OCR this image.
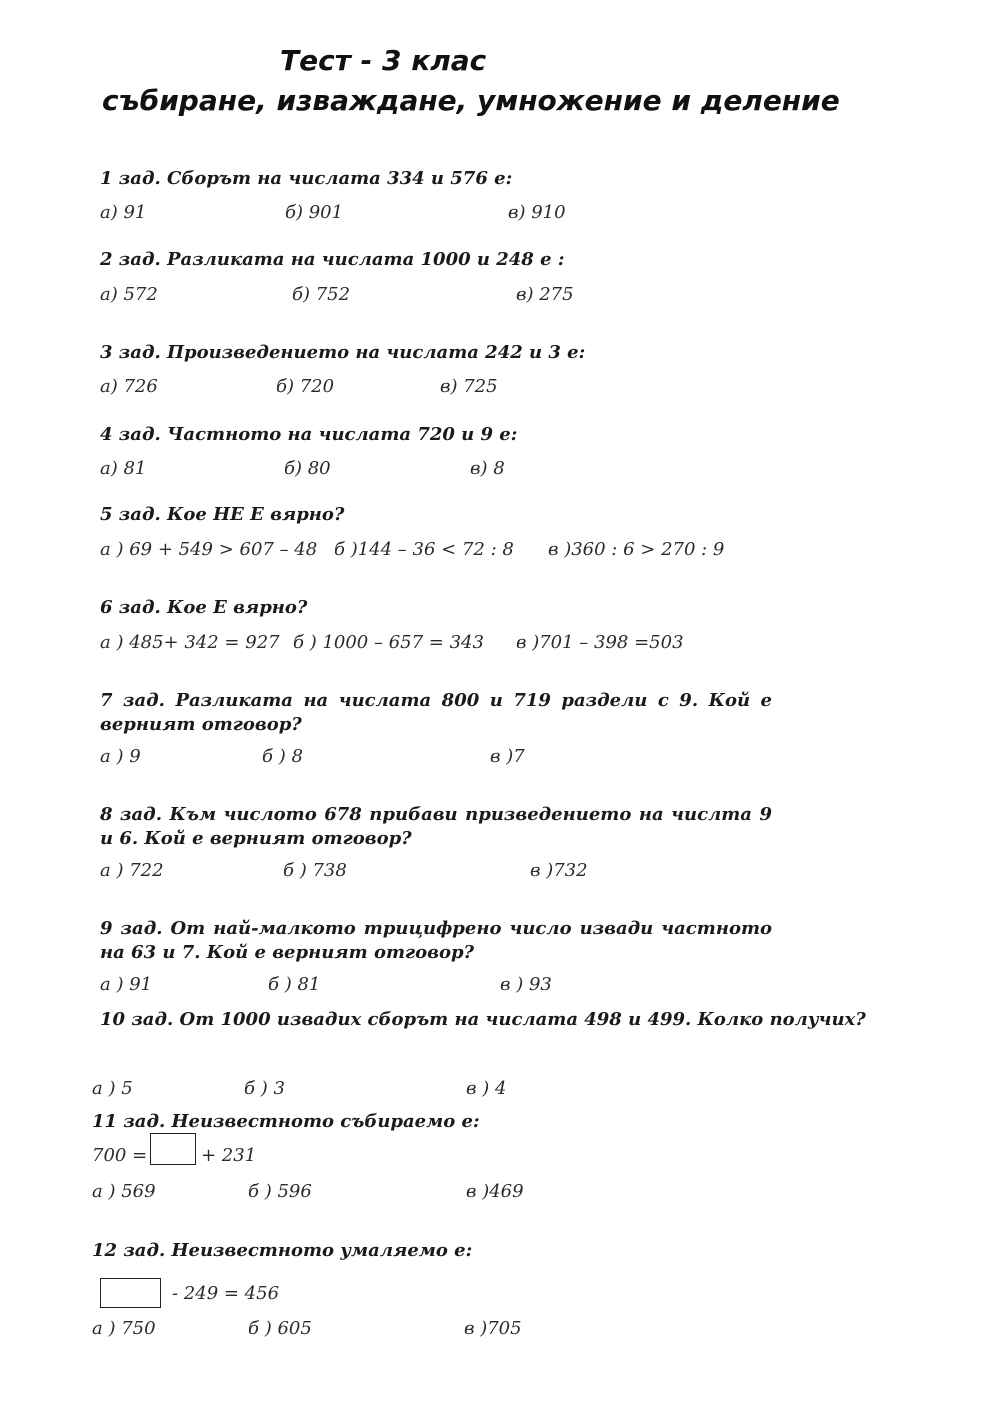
Тест - 3 клас
събиране, изваждане, умножение и деление
1 зад. Сборът на числата 334 и 576 е:
а) 91	б) 901	в) 910
2 зад. Разликата на числата 1000 и 248 е :
а) 572	б) 752	в) 275
3 зад. Произведението на числата 242 и 3 е:
а) 726	б) 720	в) 725
4 зад. Частното на числата 720 и 9 е:
а) 81	б) 80	в) 8
5 зад. Кое НЕ Е вярно?
а ) 69 + 549 > 607 – 48 б )144 – 36 < 72 : 8 в )360 : 6 > 270 : 9
6 зад. Кое Е вярно?
а ) 485+ 342 = 927 б ) 1000 – 657 = 343 в )701 – 398 =503
7 зад. Разликата на числата 800 и 719 раздели с 9. Кой е верният отговор?
а ) 9	б ) 8	в )7
8 зад. Към числото 678 прибави призведението на числта 9 и 6. Кой е верният отговор?
а ) 722	б ) 738	в )732
9 зад. От най-малкото трицифрено число извади частното на 63 и 7. Кой е верният отговор?
а ) 91	б ) 81	в ) 93
10 зад. От 1000 извадих сборът на числата 498 и 499. Колко получих?
а ) 5	б ) 3	в ) 4
11 зад. Неизвестното събираемо е:
700 =	+ 231
а ) 569	б ) 596	в )469
12 зад. Неизвестното умаляемо е:
- 249 = 456
а ) 750	б ) 605	в )705
